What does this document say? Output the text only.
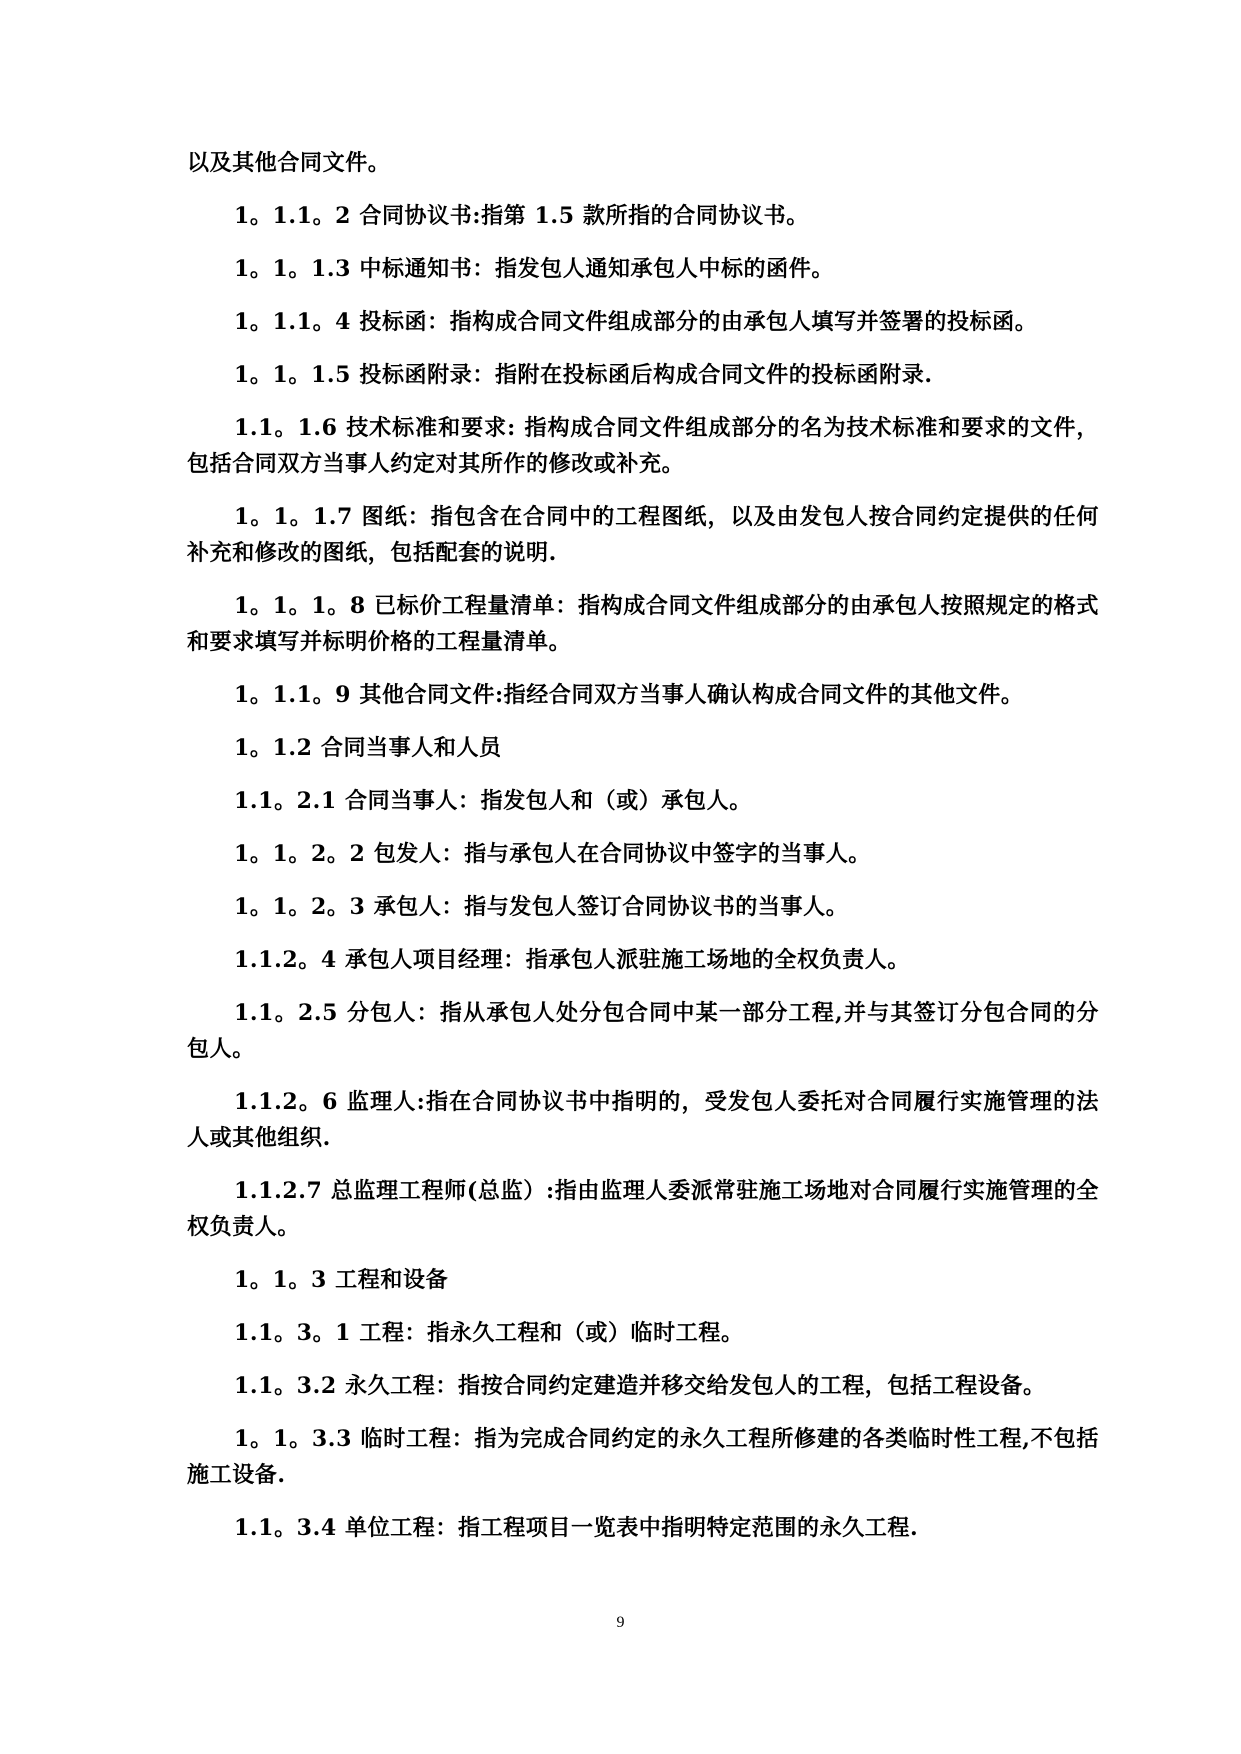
以及其他合同文件。

1。1.1。2 合同协议书:指第 1.5 款所指的合同协议书。

1。1。1.3 中标通知书：指发包人通知承包人中标的函件。

1。1.1。4 投标函：指构成合同文件组成部分的由承包人填写并签署的投标函。

1。1。1.5 投标函附录：指附在投标函后构成合同文件的投标函附录.

1.1。1.6 技术标准和要求: 指构成合同文件组成部分的名为技术标准和要求的文件，包括合同双方当事人约定对其所作的修改或补充。

1。1。1.7 图纸：指包含在合同中的工程图纸，以及由发包人按合同约定提供的任何补充和修改的图纸，包括配套的说明.

1。1。1。8 已标价工程量清单：指构成合同文件组成部分的由承包人按照规定的格式和要求填写并标明价格的工程量清单。

1。1.1。9 其他合同文件:指经合同双方当事人确认构成合同文件的其他文件。

1。1.2 合同当事人和人员

1.1。2.1 合同当事人：指发包人和（或）承包人。

1。1。2。2 包发人：指与承包人在合同协议中签字的当事人。

1。1。2。3 承包人：指与发包人签订合同协议书的当事人。

1.1.2。4 承包人项目经理：指承包人派驻施工场地的全权负责人。

1.1。2.5 分包人：指从承包人处分包合同中某一部分工程,并与其签订分包合同的分包人。

1.1.2。6 监理人:指在合同协议书中指明的，受发包人委托对合同履行实施管理的法人或其他组织.

1.1.2.7 总监理工程师(总监）:指由监理人委派常驻施工场地对合同履行实施管理的全权负责人。

1。1。3 工程和设备

1.1。3。1 工程：指永久工程和（或）临时工程。

1.1。3.2 永久工程：指按合同约定建造并移交给发包人的工程，包括工程设备。

1。1。3.3 临时工程：指为完成合同约定的永久工程所修建的各类临时性工程,不包括施工设备.

1.1。3.4 单位工程：指工程项目一览表中指明特定范围的永久工程.

9
